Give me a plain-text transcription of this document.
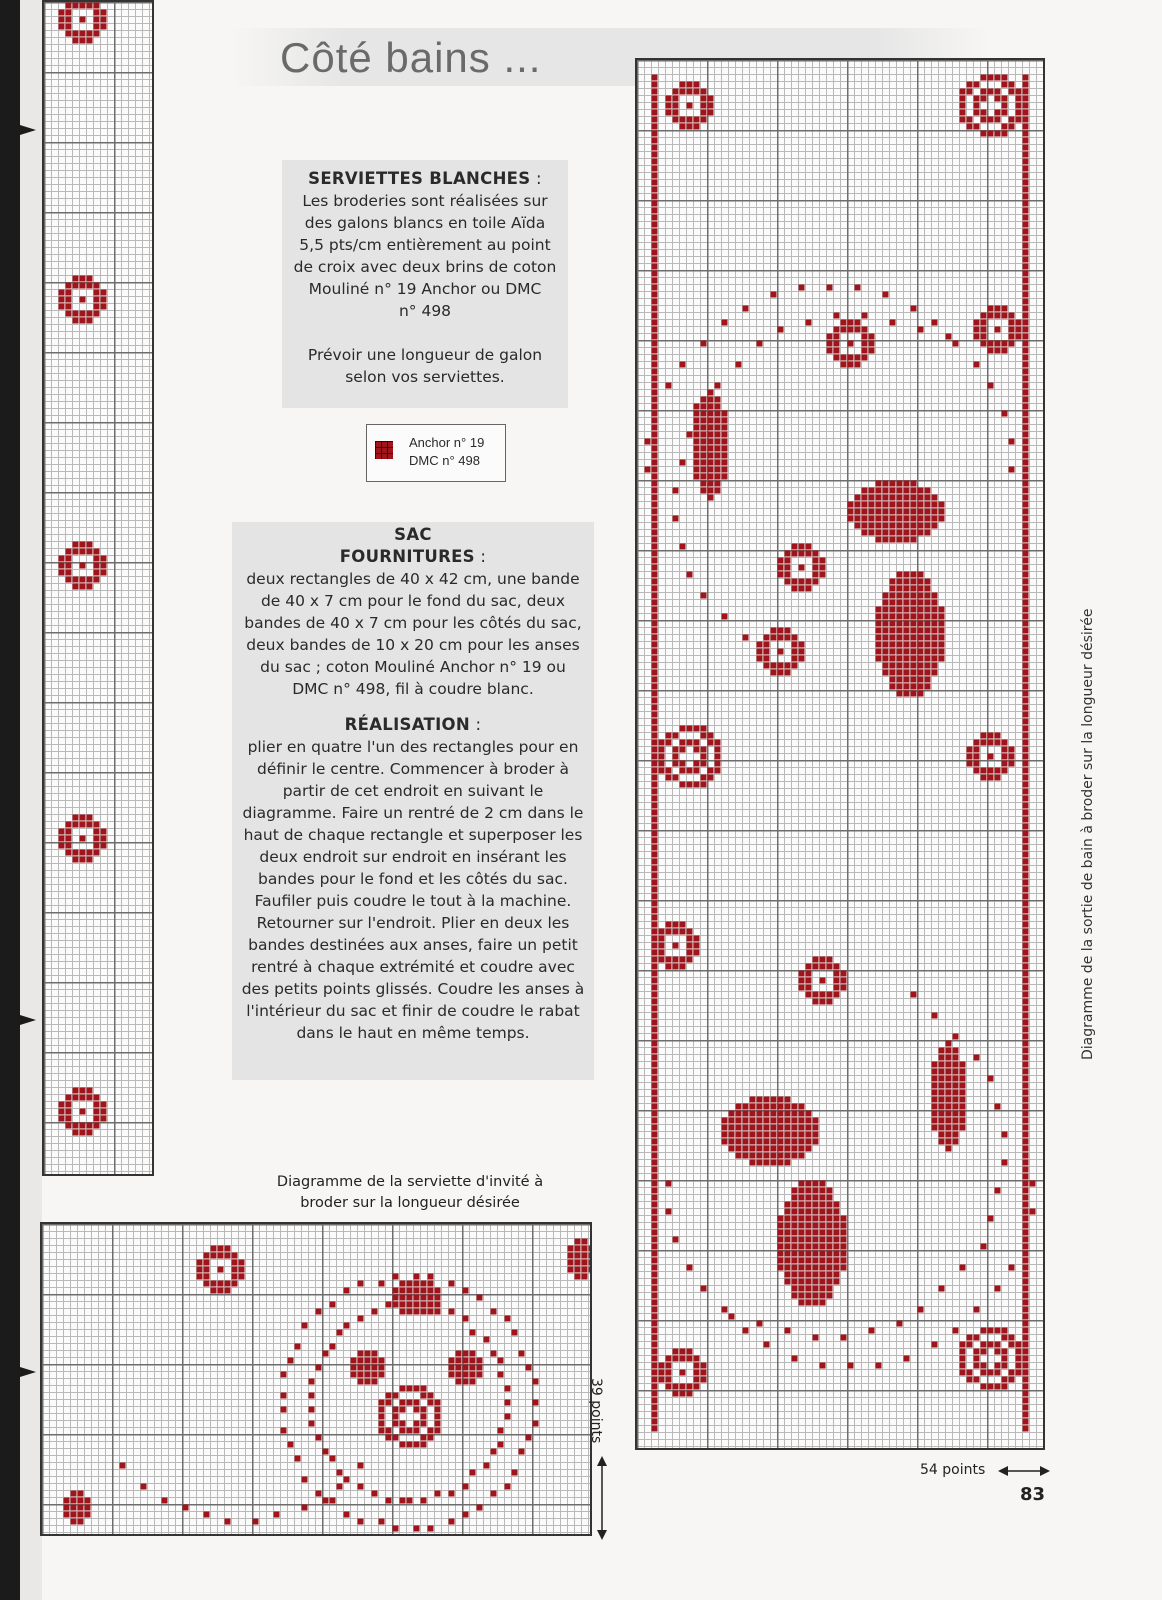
Côté bains ...
SERVIETTES BLANCHES :

Les broderies sont réalisées sur

des galons blancs en toile Aïda

5,5 pts/cm entièrement au point

de croix avec deux brins de coton

Mouliné n° 19 Anchor ou DMC

n° 498

Prévoir une longueur de galon

selon vos serviettes.

Anchor n° 19
DMC n° 498
SAC
FOURNITURES :

deux rectangles de 40 x 42 cm, une bande

de 40 x 7 cm pour le fond du sac, deux

bandes de 40 x 7 cm pour les côtés du sac,

deux bandes de 10 x 20 cm pour les anses

du sac ; coton Mouliné Anchor n° 19 ou

DMC n° 498, fil à coudre blanc.

RÉALISATION :

plier en quatre l'un des rectangles pour en

définir le centre. Commencer à broder à

partir de cet endroit en suivant le

diagramme. Faire un rentré de 2 cm dans le

haut de chaque rectangle et superposer les

deux endroit sur endroit en insérant les

bandes pour le fond et les côtés du sac.

Faufiler puis coudre le tout à la machine.

Retourner sur l'endroit. Plier en deux les

bandes destinées aux anses, faire un petit

rentré à chaque extrémité et coudre avec

des petits points glissés. Coudre les anses à

l'intérieur du sac et finir de coudre le rabat

dans le haut en même temps.

Diagramme de la serviette d'invité à
broder sur la longueur désirée
Diagramme de la sortie de bain à broder sur la longueur désirée
39 points
54 points
83
